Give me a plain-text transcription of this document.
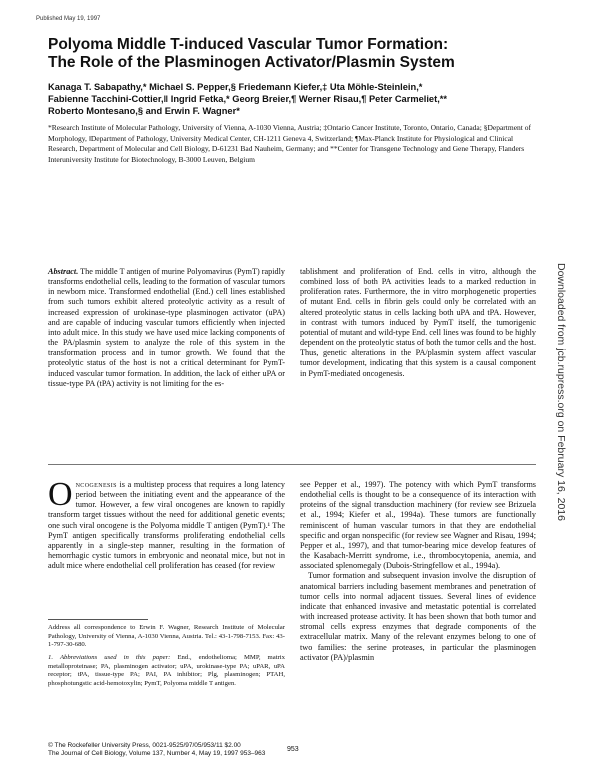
Published May 19, 1997
Polyoma Middle T-induced Vascular Tumor Formation:
The Role of the Plasminogen Activator/Plasmin System
Kanaga T. Sabapathy,* Michael S. Pepper,§ Friedemann Kiefer,‡ Uta Möhle-Steinlein,*
Fabienne Tacchini-Cottier,‖ Ingrid Fetka,* Georg Breier,¶ Werner Risau,¶ Peter Carmeliet,**
Roberto Montesano,§ and Erwin F. Wagner*
*Research Institute of Molecular Pathology, University of Vienna, A-1030 Vienna, Austria; ‡Ontario Cancer Institute, Toronto, Ontario, Canada; §Department of Morphology, ‖Department of Pathology, University Medical Center, CH-1211 Geneva 4, Switzerland; ¶Max-Planck Institute for Physiological and Clinical Research, Department of Molecular and Cell Biology, D-61231 Bad Nauheim, Germany; and **Center for Transgene Technology and Gene Therapy, Flanders Interuniversity Institute for Biotechnology, B-3000 Leuven, Belgium
Abstract. The middle T antigen of murine Polyomavirus (PymT) rapidly transforms endothelial cells, leading to the formation of vascular tumors in newborn mice. Transformed endothelial (End.) cell lines established from such tumors exhibit altered proteolytic activity as a result of increased expression of urokinase-type plasminogen activator (uPA) and are capable of inducing vascular tumors efficiently when injected into adult mice. In this study we have used mice lacking components of the PA/plasmin system to analyze the role of this system in the transformation process and in tumor growth. We found that the proteolytic status of the host is not a critical determinant for PymT-induced vascular tumor formation. In addition, the lack of either uPA or tissue-type PA (tPA) activity is not limiting for the es-
tablishment and proliferation of End. cells in vitro, although the combined loss of both PA activities leads to a marked reduction in proliferation rates. Furthermore, the in vitro morphogenetic properties of mutant End. cells in fibrin gels could only be correlated with an altered proteolytic status in cells lacking both uPA and tPA. However, in contrast with tumors induced by PymT itself, the tumorigenic potential of mutant and wild-type End. cell lines was found to be highly dependent on the proteolytic status of both the tumor cells and the host. Thus, genetic alterations in the PA/plasmin system affect vascular tumor development, indicating that this system is a causal component in PymT-mediated oncogenesis.
Oncogenesis is a multistep process that requires a long latency period between the initiating event and the appearance of the tumor. However, a few viral oncogenes are known to rapidly transform target tissues without the need for additional genetic events; one such viral oncogene is the Polyoma middle T antigen (PymT).¹ The PymT antigen specifically transforms proliferating endothelial cells apparently in a single-step manner, resulting in the formation of hemorrhagic cystic tumors in embryonic and neonatal mice, but not in adult mice where endothelial cell proliferation has ceased (for review

see Pepper et al., 1997). The potency with which PymT transforms endothelial cells is thought to be a consequence of its interaction with proteins of the signal transduction machinery (for review see Brizuela et al., 1994; Kiefer et al., 1994a). These tumors are functionally reminiscent of human vascular tumors in that they are endothelial specific and organ nonspecific (for review see Wagner and Risau, 1994; Pepper et al., 1997), and that tumor-bearing mice develop features of the Kasabach-Merritt syndrome, i.e., thrombocytopenia, anemia, and associated splenomegaly (Dubois-Stringfellow et al., 1994a).

Tumor formation and subsequent invasion involve the disruption of anatomical barriers including basement membranes and penetration of tumor cells into normal adjacent tissues. Several lines of evidence indicate that enhanced invasive and metastatic potential is correlated with increased protease activity. It has been shown that both tumor and stromal cells express enzymes that degrade components of the extracellular matrix. Many of the relevant enzymes belong to one of two families: the serine proteases, in particular the plasminogen activator (PA)/plasmin

Address all correspondence to Erwin F. Wagner, Research Institute of Molecular Pathology, University of Vienna, A-1030 Vienna, Austria. Tel.: 43-1-798-7153. Fax: 43-1-797-30-680.
1. Abbreviations used in this paper: End., endothelioma; MMP, matrix metalloproteinase; PA, plasminogen activator; uPA, urokinase-type PA; uPAR, uPA receptor; tPA, tissue-type PA; PAI, PA inhibitor; Plg, plasminogen; PTAH, phosphotungstic acid-hemotoxylin; PymT, Polyoma middle T antigen.
© The Rockefeller University Press, 0021-9525/97/05/953/11 $2.00
The Journal of Cell Biology, Volume 137, Number 4, May 19, 1997 953–963
953
Downloaded from jcb.rupress.org on February 16, 2016
